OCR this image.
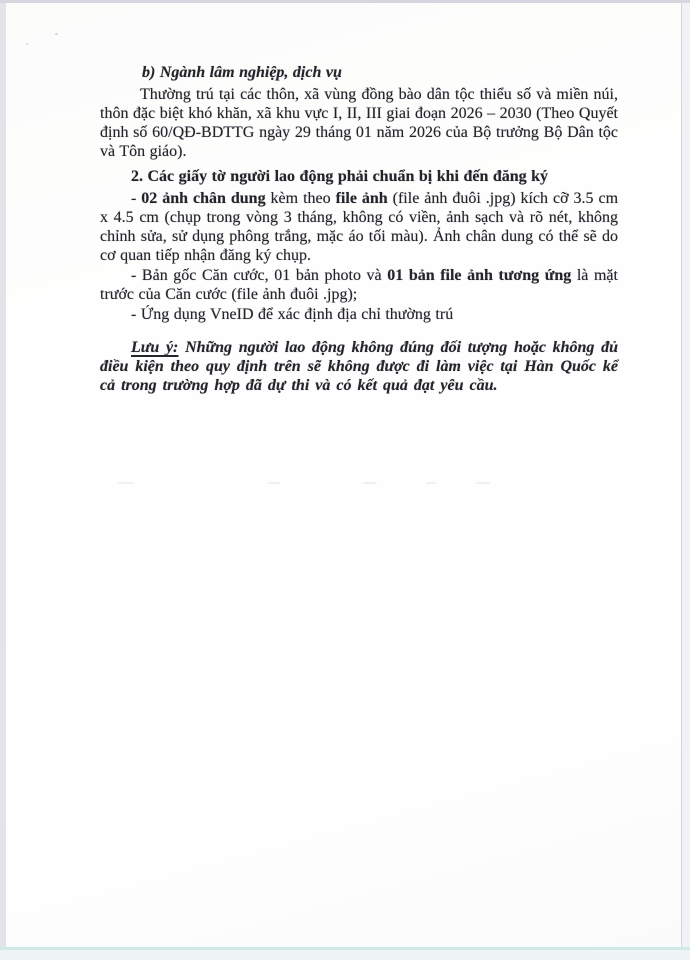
b) Ngành lâm nghiệp, dịch vụ

Thường trú tại các thôn, xã vùng đồng bào dân tộc thiểu số và miền núi, thôn đặc biệt khó khăn, xã khu vực I, II, III giai đoạn 2026 – 2030 (Theo Quyết định số 60/QĐ-BDTTG ngày 29 tháng 01 năm 2026 của Bộ trưởng Bộ Dân tộc và Tôn giáo).

2. Các giấy tờ người lao động phải chuẩn bị khi đến đăng ký

- 02 ảnh chân dung kèm theo file ảnh (file ảnh đuôi .jpg) kích cỡ 3.5 cm x 4.5 cm (chụp trong vòng 3 tháng, không có viền, ảnh sạch và rõ nét, không chỉnh sửa, sử dụng phông trắng, mặc áo tối màu). Ảnh chân dung có thể sẽ do cơ quan tiếp nhận đăng ký chụp.

- Bản gốc Căn cước, 01 bản photo và 01 bản file ảnh tương ứng là mặt trước của Căn cước (file ảnh đuôi .jpg);

- Ứng dụng VneID để xác định địa chỉ thường trú

Lưu ý: Những người lao động không đúng đối tượng hoặc không đủ điều kiện theo quy định trên sẽ không được đi làm việc tại Hàn Quốc kể cả trong trường hợp đã dự thi và có kết quả đạt yêu cầu.
